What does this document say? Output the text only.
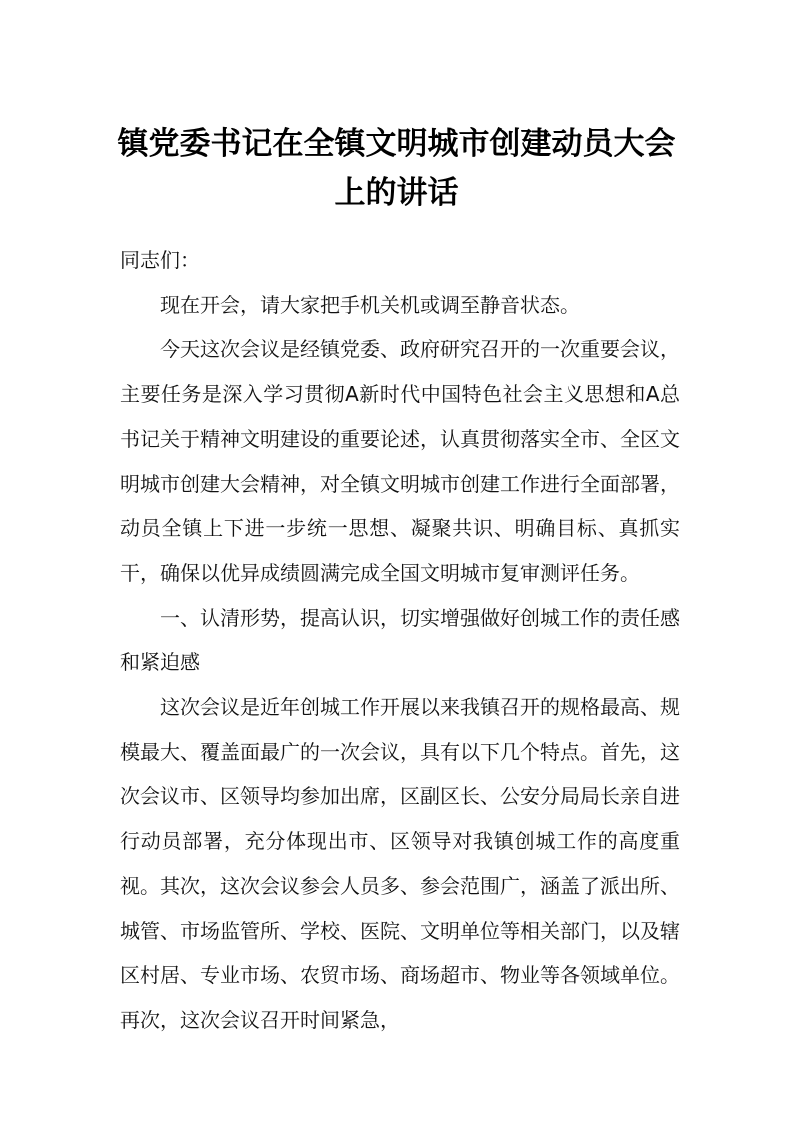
镇党委书记在全镇文明城市创建动员大会
上的讲话

同志们：

现在开会，请大家把手机关机或调至静音状态。

今天这次会议是经镇党委、政府研究召开的一次重要会议，主要任务是深入学习贯彻A新时代中国特色社会主义思想和A总书记关于精神文明建设的重要论述，认真贯彻落实全市、全区文明城市创建大会精神，对全镇文明城市创建工作进行全面部署，动员全镇上下进一步统一思想、凝聚共识、明确目标、真抓实干，确保以优异成绩圆满完成全国文明城市复审测评任务。

一、认清形势，提高认识，切实增强做好创城工作的责任感和紧迫感

这次会议是近年创城工作开展以来我镇召开的规格最高、规模最大、覆盖面最广的一次会议，具有以下几个特点。首先，这次会议市、区领导均参加出席，区副区长、公安分局局长亲自进行动员部署，充分体现出市、区领导对我镇创城工作的高度重视。其次，这次会议参会人员多、参会范围广，涵盖了派出所、城管、市场监管所、学校、医院、文明单位等相关部门，以及辖区村居、专业市场、农贸市场、商场超市、物业等各领域单位。再次，这次会议召开时间紧急，
